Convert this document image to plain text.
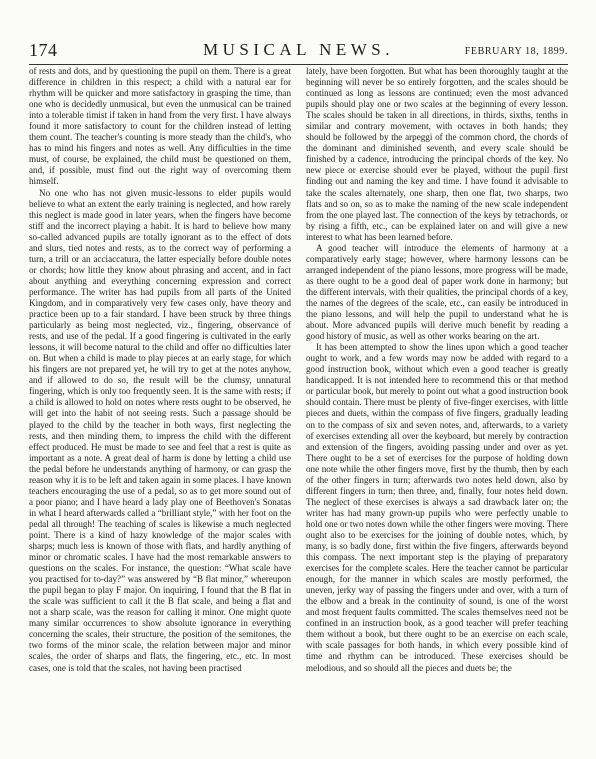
174	MUSICAL NEWS.	FEBRUARY 18, 1899.

of rests and dots, and by questioning the pupil on them. There is a great difference in children in this respect; a child with a natural ear for rhythm will be quicker and more satisfactory in grasping the time, than one who is decidedly unmusical, but even the unmusical can be trained into a tolerable timist if taken in hand from the very first. I have always found it more satisfactory to count for the children instead of letting them count. The teacher's counting is more steady than the child's, who has to mind his fingers and notes as well. Any difficulties in the time must, of course, be explained, the child must be questioned on them, and, if possible, must find out the right way of overcoming them himself.

No one who has not given music-lessons to elder pupils would believe to what an extent the early training is neglected, and how rarely this neglect is made good in later years, when the fingers have become stiff and the incorrect playing a habit. It is hard to believe how many so-called advanced pupils are totally ignorant as to the effect of dots and slurs, tied notes and rests, as to the correct way of performing a turn, a trill or an acciaccatura, the latter especially before double notes or chords; how little they know about phrasing and accent, and in fact about anything and everything concerning expression and correct performance. The writer has had pupils from all parts of the United Kingdom, and in comparatively very few cases only, have theory and practice been up to a fair standard. I have been struck by three things particularly as being most neglected, viz., fingering, observance of rests, and use of the pedal. If a good fingering is cultivated in the early lessons, it will become natural to the child and offer no difficulties later on. But when a child is made to play pieces at an early stage, for which his fingers are not prepared yet, he will try to get at the notes anyhow, and if allowed to do so, the result will be the clumsy, unnatural fingering, which is only too frequently seen. It is the same with rests; if a child is allowed to hold on notes where rests ought to be observed, he will get into the habit of not seeing rests. Such a passage should be played to the child by the teacher in both ways, first neglecting the rests, and then minding them, to impress the child with the different effect produced. He must be made to see and feel that a rest is quite as important as a note. A great deal of harm is done by letting a child use the pedal before he understands anything of harmony, or can grasp the reason why it is to be left and taken again in some places. I have known teachers encouraging the use of a pedal, so as to get more sound out of a poor piano; and I have heard a lady play one of Beethoven's Sonatas in what I heard afterwards called a “brilliant style,” with her foot on the pedal all through! The teaching of scales is likewise a much neglected point. There is a kind of hazy knowledge of the major scales with sharps; much less is known of those with flats, and hardly anything of minor or chromatic scales. I have had the most remarkable answers to questions on the scales. For instance, the question: “What scale have you practised for to-day?” was answered by “B flat minor,” whereupon the pupil began to play F major. On inquiring, I found that the B flat in the scale was sufficient to call it the B flat scale, and being a flat and not a sharp scale, was the reason for calling it minor. One might quote many similar occurrences to show absolute ignorance in everything concerning the scales, their structure, the position of the semitones, the two forms of the minor scale, the relation between major and minor scales, the order of sharps and flats, the fingering, etc., etc. In most cases, one is told that the scales, not having been practised

lately, have been forgotten. But what has been thoroughly taught at the beginning will never be so entirely forgotten, and the scales should be continued as long as lessons are continued; even the most advanced pupils should play one or two scales at the beginning of every lesson. The scales should be taken in all directions, in thirds, sixths, tenths in similar and contrary movement, with octaves in both hands; they should be followed by the arpeggi of the common chord, the chords of the dominant and diminished seventh, and every scale should be finished by a cadence, introducing the principal chords of the key. No new piece or exercise should ever be played, without the pupil first finding out and naming the key and time. I have found it advisable to take the scales alternately, one sharp, then one flat, two sharps, two flats and so on, so as to make the naming of the new scale independent from the one played last. The connection of the keys by tetrachords, or by rising a fifth, etc., can be explained later on and will give a new interest to what has been learned before.

A good teacher will introduce the elements of harmony at a comparatively early stage; however, where harmony lessons can be arranged independent of the piano lessons, more progress will be made, as there ought to be a good deal of paper work done in harmony; but the different intervals, with their qualities, the principal chords of a key, the names of the degrees of the scale, etc., can easily be introduced in the piano lessons, and will help the pupil to understand what he is about. More advanced pupils will derive much benefit by reading a good history of music, as well as other works bearing on the art.

It has been attempted to show the lines upon which a good teacher ought to work, and a few words may now be added with regard to a good instruction book, without which even a good teacher is greatly handicapped. It is not intended here to recommend this or that method or particular book, but merely to point out what a good instruction book should contain. There must be plenty of five-finger exercises, with little pieces and duets, within the compass of five fingers, gradually leading on to the compass of six and seven notes, and, afterwards, to a variety of exercises extending all over the keyboard, but merely by contraction and extension of the fingers, avoiding passing under and over as yet. There ought to be a set of exercises for the purpose of holding down one note while the other fingers move, first by the thumb, then by each of the other fingers in turn; afterwards two notes held down, also by different fingers in turn; then three, and, finally, four notes held down. The neglect of these exercises is always a sad drawback later on; the writer has had many grown-up pupils who were perfectly unable to hold one or two notes down while the other fingers were moving. There ought also to be exercises for the joining of double notes, which, by many, is so badly done, first within the five fingers, afterwards beyond this compass. The next important step is the playing of preparatory exercises for the complete scales. Here the teacher cannot be particular enough, for the manner in which scales are mostly performed, the uneven, jerky way of passing the fingers under and over, with a turn of the elbow and a break in the continuity of sound, is one of the worst and most frequent faults committed. The scales themselves need not be confined in an instruction book, as a good teacher will prefer teaching them without a book, but there ought to be an exercise on each scale, with scale passages for both hands, in which every possible kind of time and rhythm can be introduced. These exercises should be melodious, and so should all the pieces and duets be; the
